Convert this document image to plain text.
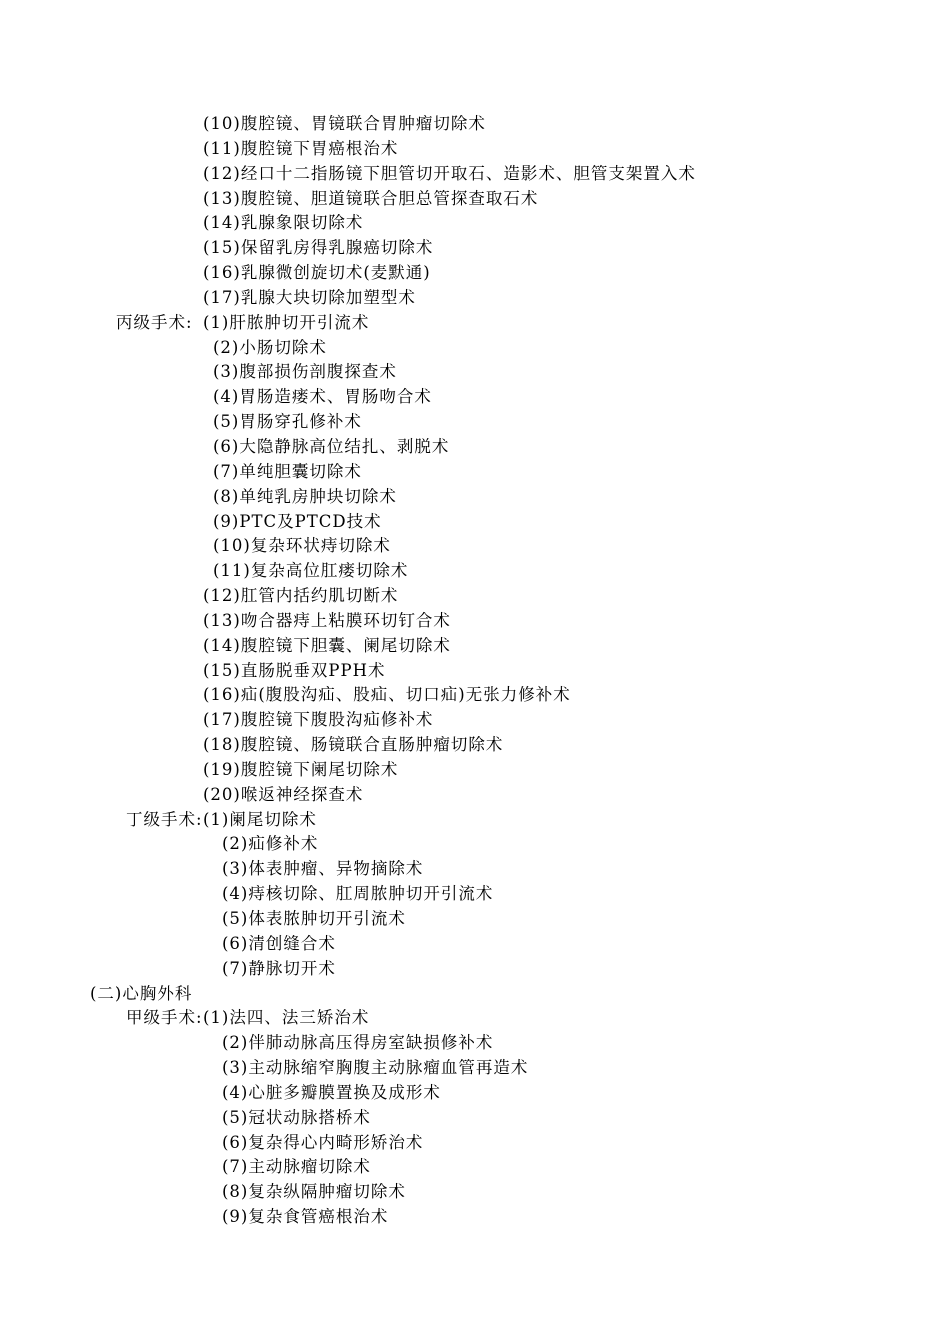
(10)腹腔镜、胃镜联合胃肿瘤切除术
(11)腹腔镜下胃癌根治术
(12)经口十二指肠镜下胆管切开取石、造影术、胆管支架置入术
(13)腹腔镜、胆道镜联合胆总管探查取石术
(14)乳腺象限切除术
(15)保留乳房得乳腺癌切除术
(16)乳腺微创旋切术(麦默通)
(17)乳腺大块切除加塑型术
丙级手术: (1)肝脓肿切开引流术
(2)小肠切除术
(3)腹部损伤剖腹探查术
(4)胃肠造瘘术、胃肠吻合术
(5)胃肠穿孔修补术
(6)大隐静脉高位结扎、剥脱术
(7)单纯胆囊切除术
(8)单纯乳房肿块切除术
(9)PTC及PTCD技术
(10)复杂环状痔切除术
(11)复杂高位肛瘘切除术
(12)肛管内括约肌切断术
(13)吻合器痔上粘膜环切钉合术
(14)腹腔镜下胆囊、阑尾切除术
(15)直肠脱垂双PPH术
(16)疝(腹股沟疝、股疝、切口疝)无张力修补术
(17)腹腔镜下腹股沟疝修补术
(18)腹腔镜、肠镜联合直肠肿瘤切除术
(19)腹腔镜下阑尾切除术
(20)喉返神经探查术
丁级手术: (1)阑尾切除术
(2)疝修补术
(3)体表肿瘤、异物摘除术
(4)痔核切除、肛周脓肿切开引流术
(5)体表脓肿切开引流术
(6)清创缝合术
(7)静脉切开术
(二)心胸外科
甲级手术: (1)法四、法三矫治术
(2)伴肺动脉高压得房室缺损修补术
(3)主动脉缩窄胸腹主动脉瘤血管再造术
(4)心脏多瓣膜置换及成形术
(5)冠状动脉搭桥术
(6)复杂得心内畸形矫治术
(7)主动脉瘤切除术
(8)复杂纵隔肿瘤切除术
(9)复杂食管癌根治术
